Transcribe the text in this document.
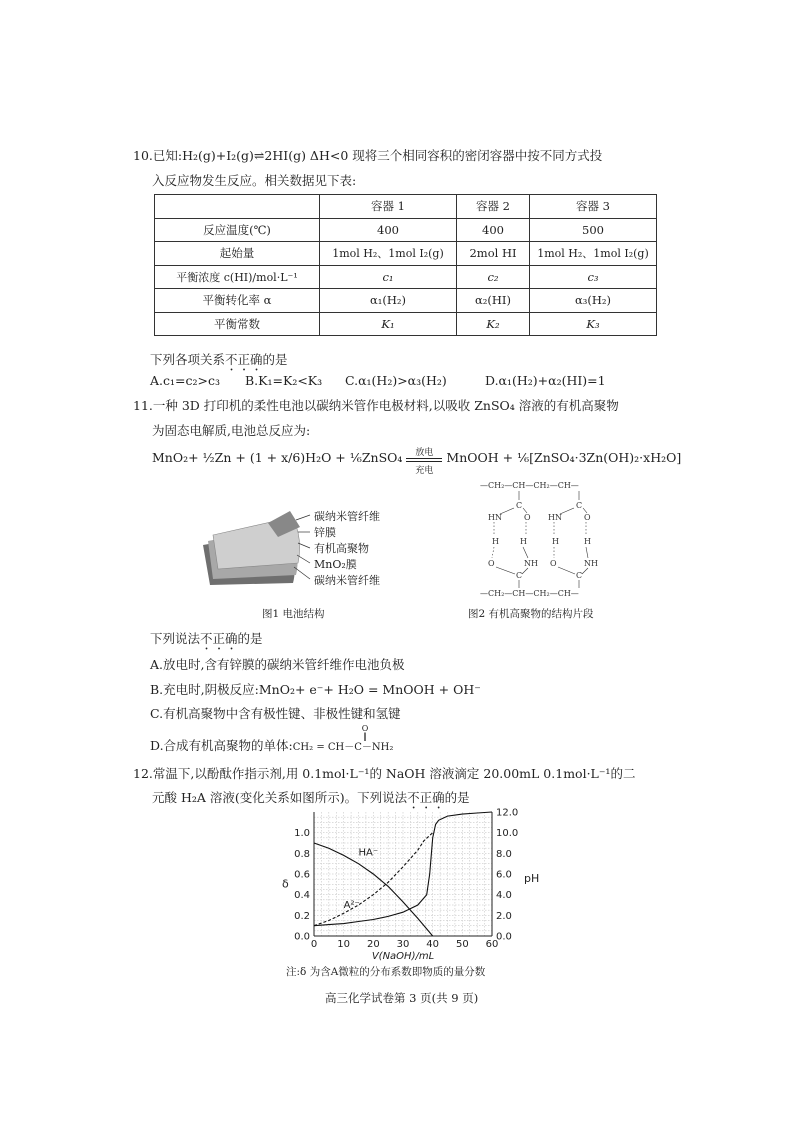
10.已知:H₂(g)+I₂(g)⇌2HI(g) ΔH<0 现将三个相同容积的密闭容器中按不同方式投
入反应物发生反应。相关数据见下表:
	容器 1	容器 2	容器 3
反应温度(℃)	400	400	500
起始量	1mol H₂、1mol I₂(g)	2mol HI	1mol H₂、1mol I₂(g)
平衡浓度 c(HI)/mol·L⁻¹	c₁	c₂	c₃
平衡转化率 α	α₁(H₂)	α₂(HI)	α₃(H₂)
平衡常数	K₁	K₂	K₃
下列各项关系不正确的是
A.c₁=c₂>c₃ B.K₁=K₂<K₃ C.α₁(H₂)>α₃(H₂)	D.α₁(H₂)+α₂(HI)=1
11.一种 3D 打印机的柔性电池以碳纳米管作电极材料,以吸收 ZnSO₄ 溶液的有机高聚物
为固态电解质,电池总反应为:
MnO₂+ ½Zn + (1 + x/6)H₂O + ⅙ZnSO₄	放电
充电
MnOOH + ⅙[ZnSO₄·3Zn(OH)₂·xH₂O]
碳纳米管纤维
锌膜
有机高聚物
MnO₂膜
碳纳米管纤维
图1 电池结构
—CH₂—CH—CH₂—CH—
—CH₂—CH—CH₂—CH—
C	C
O	O
HN	HN
H	H	H	H
O	NH O	NH
C	C
图2 有机高聚物的结构片段
下列说法不正确的是
A.放电时,含有锌膜的碳纳米管纤维作电池负极
B.充电时,阴极反应:MnO₂+ e⁻+ H₂O = MnOOH + OH⁻
C.有机高聚物中含有极性键、非极性键和氢键
D.合成有机高聚物的单体:CH₂ = CH－C－NH₂
O
‖
12.常温下,以酚酞作指示剂,用 0.1mol·L⁻¹的 NaOH 溶液滴定 20.00mL 0.1mol·L⁻¹的二
元酸 H₂A 溶液(变化关系如图所示)。下列说法不正确的是
0 10 20 30 40 50 60
0.0
0.2
0.4
0.6
0.8
1.0
0.0
2.0
4.0
6.0
8.0
10.0
12.0
δ	pH
V(NaOH)/mL
HA⁻
A²⁻
注:δ 为含A微粒的分布系数即物质的量分数
高三化学试卷第 3 页(共 9 页)
